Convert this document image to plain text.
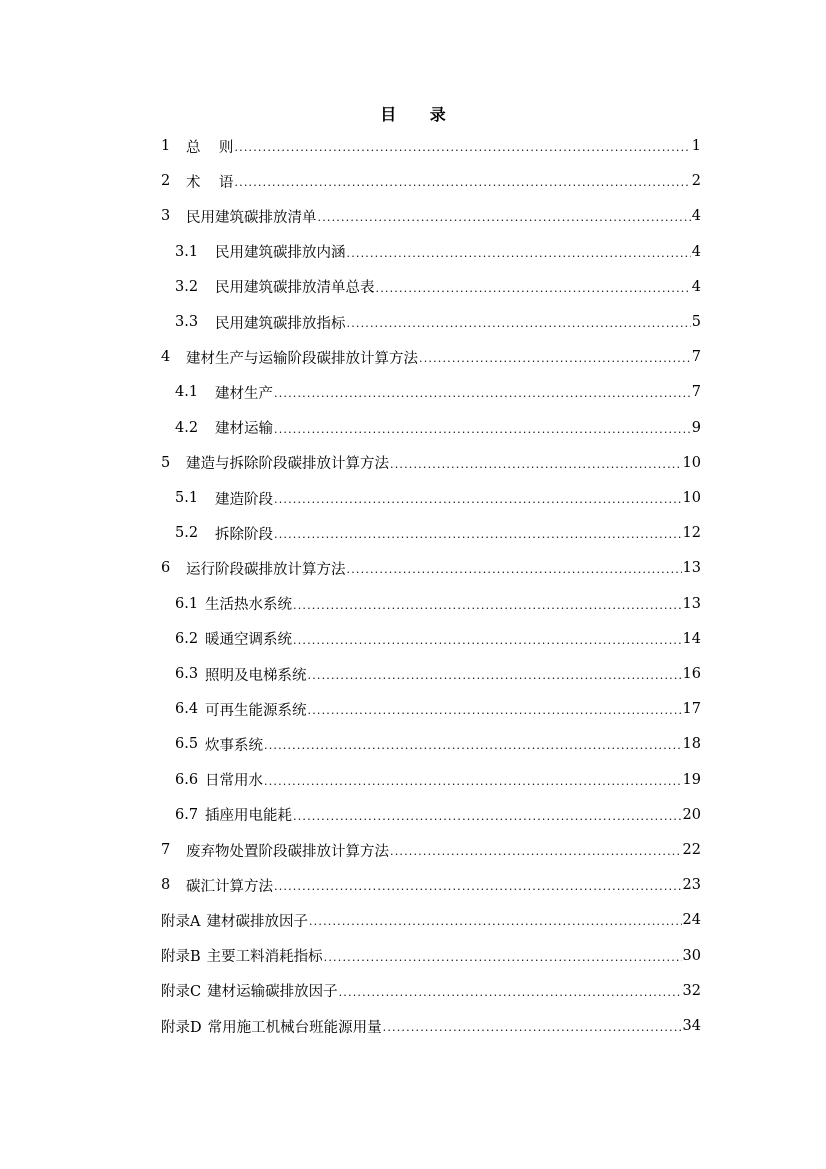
目 录
1	总    则 .....	1
2	术    语 .....	2
3	民用建筑碳排放清单 .....	4
3.1	民用建筑碳排放内涵 .....	4
3.2	民用建筑碳排放清单总表 .....	4
3.3	民用建筑碳排放指标 .....	5
4	建材生产与运输阶段碳排放计算方法 .....	7
4.1	建材生产 .....	7
4.2	建材运输 .....	9
5	建造与拆除阶段碳排放计算方法 .....	10
5.1	建造阶段 .....	10
5.2	拆除阶段 .....	12
6	运行阶段碳排放计算方法 .....	13
6.1 生活热水系统 .....	13
6.2 暖通空调系统 .....	14
6.3 照明及电梯系统 .....	16
6.4 可再生能源系统 .....	17
6.5 炊事系统 .....	18
6.6 日常用水 .....	19
6.7 插座用电能耗 .....	20
7	废弃物处置阶段碳排放计算方法 .....	22
8	碳汇计算方法 .....	23
附录A 建材碳排放因子 .....	24
附录B 主要工料消耗指标 .....	30
附录C 建材运输碳排放因子 .....	32
附录D 常用施工机械台班能源用量 .....	34
